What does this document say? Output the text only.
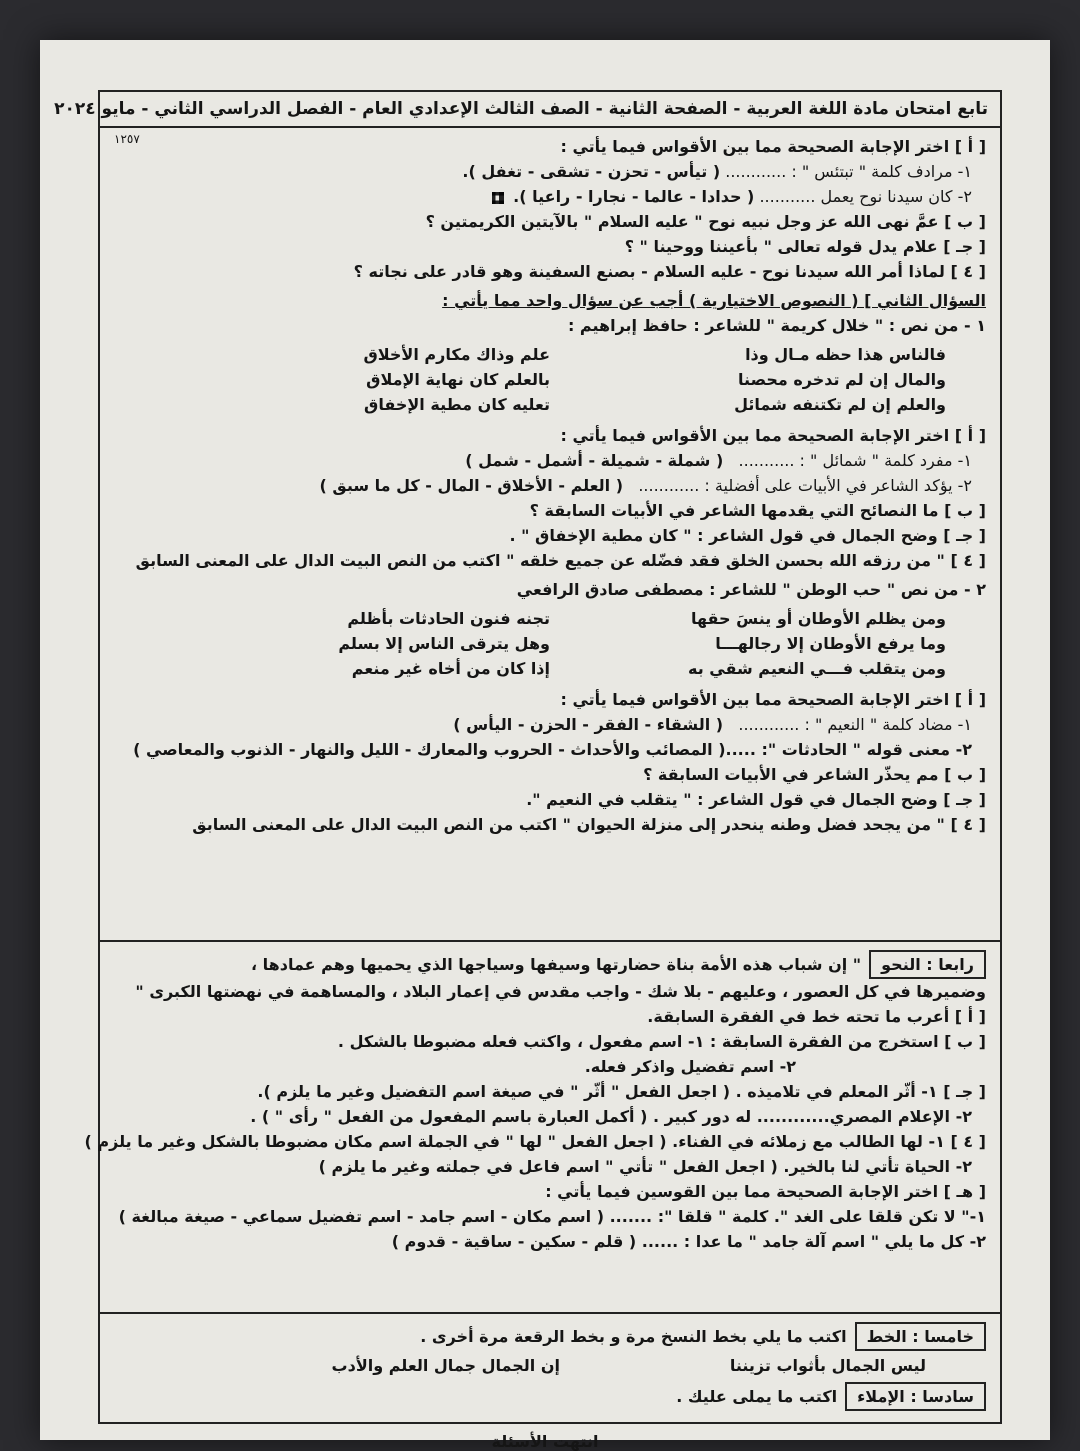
تابع امتحان مادة اللغة العربية - الصفحة الثانية - الصف الثالث الإعدادي العام - الفصل الدراسي الثاني - مايو ٢٠٢٤
١٢٥٧	[ أ ] اختر الإجابة الصحيحة مما بين الأقواس فيما يأتي :
١- مرادف كلمة " تبتئس " : ............ ( تيأس - تحزن - تشقى - تغفل ).
٢- كان سيدنا نوح يعمل ........... ( حدادا - عالما - نجارا - راعيا ).
[ ب ] عمَّ نهى الله عز وجل نبيه نوح " عليه السلام " بالآيتين الكريمتين ؟
[ جـ ] علام يدل قوله تعالى " بأعيننا ووحينا " ؟
[ ٤ ] لماذا أمر الله سيدنا نوح - عليه السلام - بصنع السفينة وهو قادر على نجاته ؟
السؤال الثاني ] ( النصوص الاختيارية ) أجب عن سؤال واحد مما يأتي :
١ - من نص : " خلال كريمة " للشاعر : حافظ إبراهيم :
فالناس هذا حظه مـال وذا
علم وذاك مكارم الأخلاق
والمال إن لم تدخره محصنا
بالعلم كان نهاية الإملاق
والعلم إن لم تكتنفه شمائل
تعليه كان مطية الإخفاق
[ أ ] اختر الإجابة الصحيحة مما بين الأقواس فيما يأتي :
١- مفرد كلمة " شمائل " : ...........   ( شملة - شميلة - أشمل - شمل )
٢- يؤكد الشاعر في الأبيات على أفضلية : ............   ( العلم - الأخلاق - المال - كل ما سبق )
[ ب ] ما النصائح التي يقدمها الشاعر في الأبيات السابقة ؟
[ جـ ] وضح الجمال في قول الشاعر : " كان مطية الإخفاق " .
[ ٤ ] " من رزقه الله بحسن الخلق فقد فضّله عن جميع خلقه " اكتب من النص البيت الدال على المعنى السابق
٢ - من نص " حب الوطن " للشاعر : مصطفى صادق الرافعي
ومن يظلم الأوطان أو ينسَ حقها
تجنه فنون الحادثات بأظلم
وما يرفع الأوطان إلا رجالهـــا
وهل يترقى الناس إلا بسلم
ومن يتقلب فـــي النعيم شقي به
إذا كان من أخاه غير منعم
[ أ ] اختر الإجابة الصحيحة مما بين الأقواس فيما يأتي :
١- مضاد كلمة " النعيم " : ............   ( الشقاء - الفقر - الحزن - اليأس )
٢- معنى قوله " الحادثات ": .....( المصائب والأحداث - الحروب والمعارك - الليل والنهار - الذنوب والمعاصي )
[ ب ] مم يحذّر الشاعر في الأبيات السابقة ؟
[ جـ ] وضح الجمال في قول الشاعر : " يتقلب في النعيم ".
[ ٤ ] " من يجحد فضل وطنه ينحدر إلى منزلة الحيوان " اكتب من النص البيت الدال على المعنى السابق
رابعا : النحو" إن شباب هذه الأمة بناة حضارتها وسيفها وسياجها الذي يحميها وهم عمادها ،
وضميرها في كل العصور ، وعليهم - بلا شك - واجب مقدس في إعمار البلاد ، والمساهمة في نهضتها الكبرى "
[ أ ] أعرب ما تحته خط في الفقرة السابقة.
[ ب ] استخرج من الفقرة السابقة : ١- اسم مفعول ، واكتب فعله مضبوطا بالشكل .
٢- اسم تفضيل واذكر فعله.
[ جـ ] ١- أثّر المعلم في تلاميذه . ( اجعل الفعل " أثّر " في صيغة اسم التفضيل وغير ما يلزم ).
٢- الإعلام المصري............ له دور كبير . ( أكمل العبارة باسم المفعول من الفعل " رأى " ) .
[ ٤ ] ١- لها الطالب مع زملائه في الفناء. ( اجعل الفعل " لها " في الجملة اسم مكان مضبوطا بالشكل وغير ما يلزم )
٢- الحياة تأتي لنا بالخير. ( اجعل الفعل " تأتي " اسم فاعل في جملته وغير ما يلزم )
[ هـ ] اختر الإجابة الصحيحة مما بين القوسين فيما يأتي :
١-" لا تكن قلقا على الغد ". كلمة " قلقا ": ....... ( اسم مكان - اسم جامد - اسم تفضيل سماعي - صيغة مبالغة )
٢- كل ما يلي " اسم آلة جامد " ما عدا : ...... ( قلم - سكين - ساقية - قدوم )
خامسا : الخطاكتب ما يلي بخط النسخ مرة و بخط الرقعة مرة أخرى .
ليس الجمال بأثواب تزيننا
إن الجمال جمال العلم والأدب
سادسا : الإملاءاكتب ما يملى عليك .
انتهت الأسئلة
